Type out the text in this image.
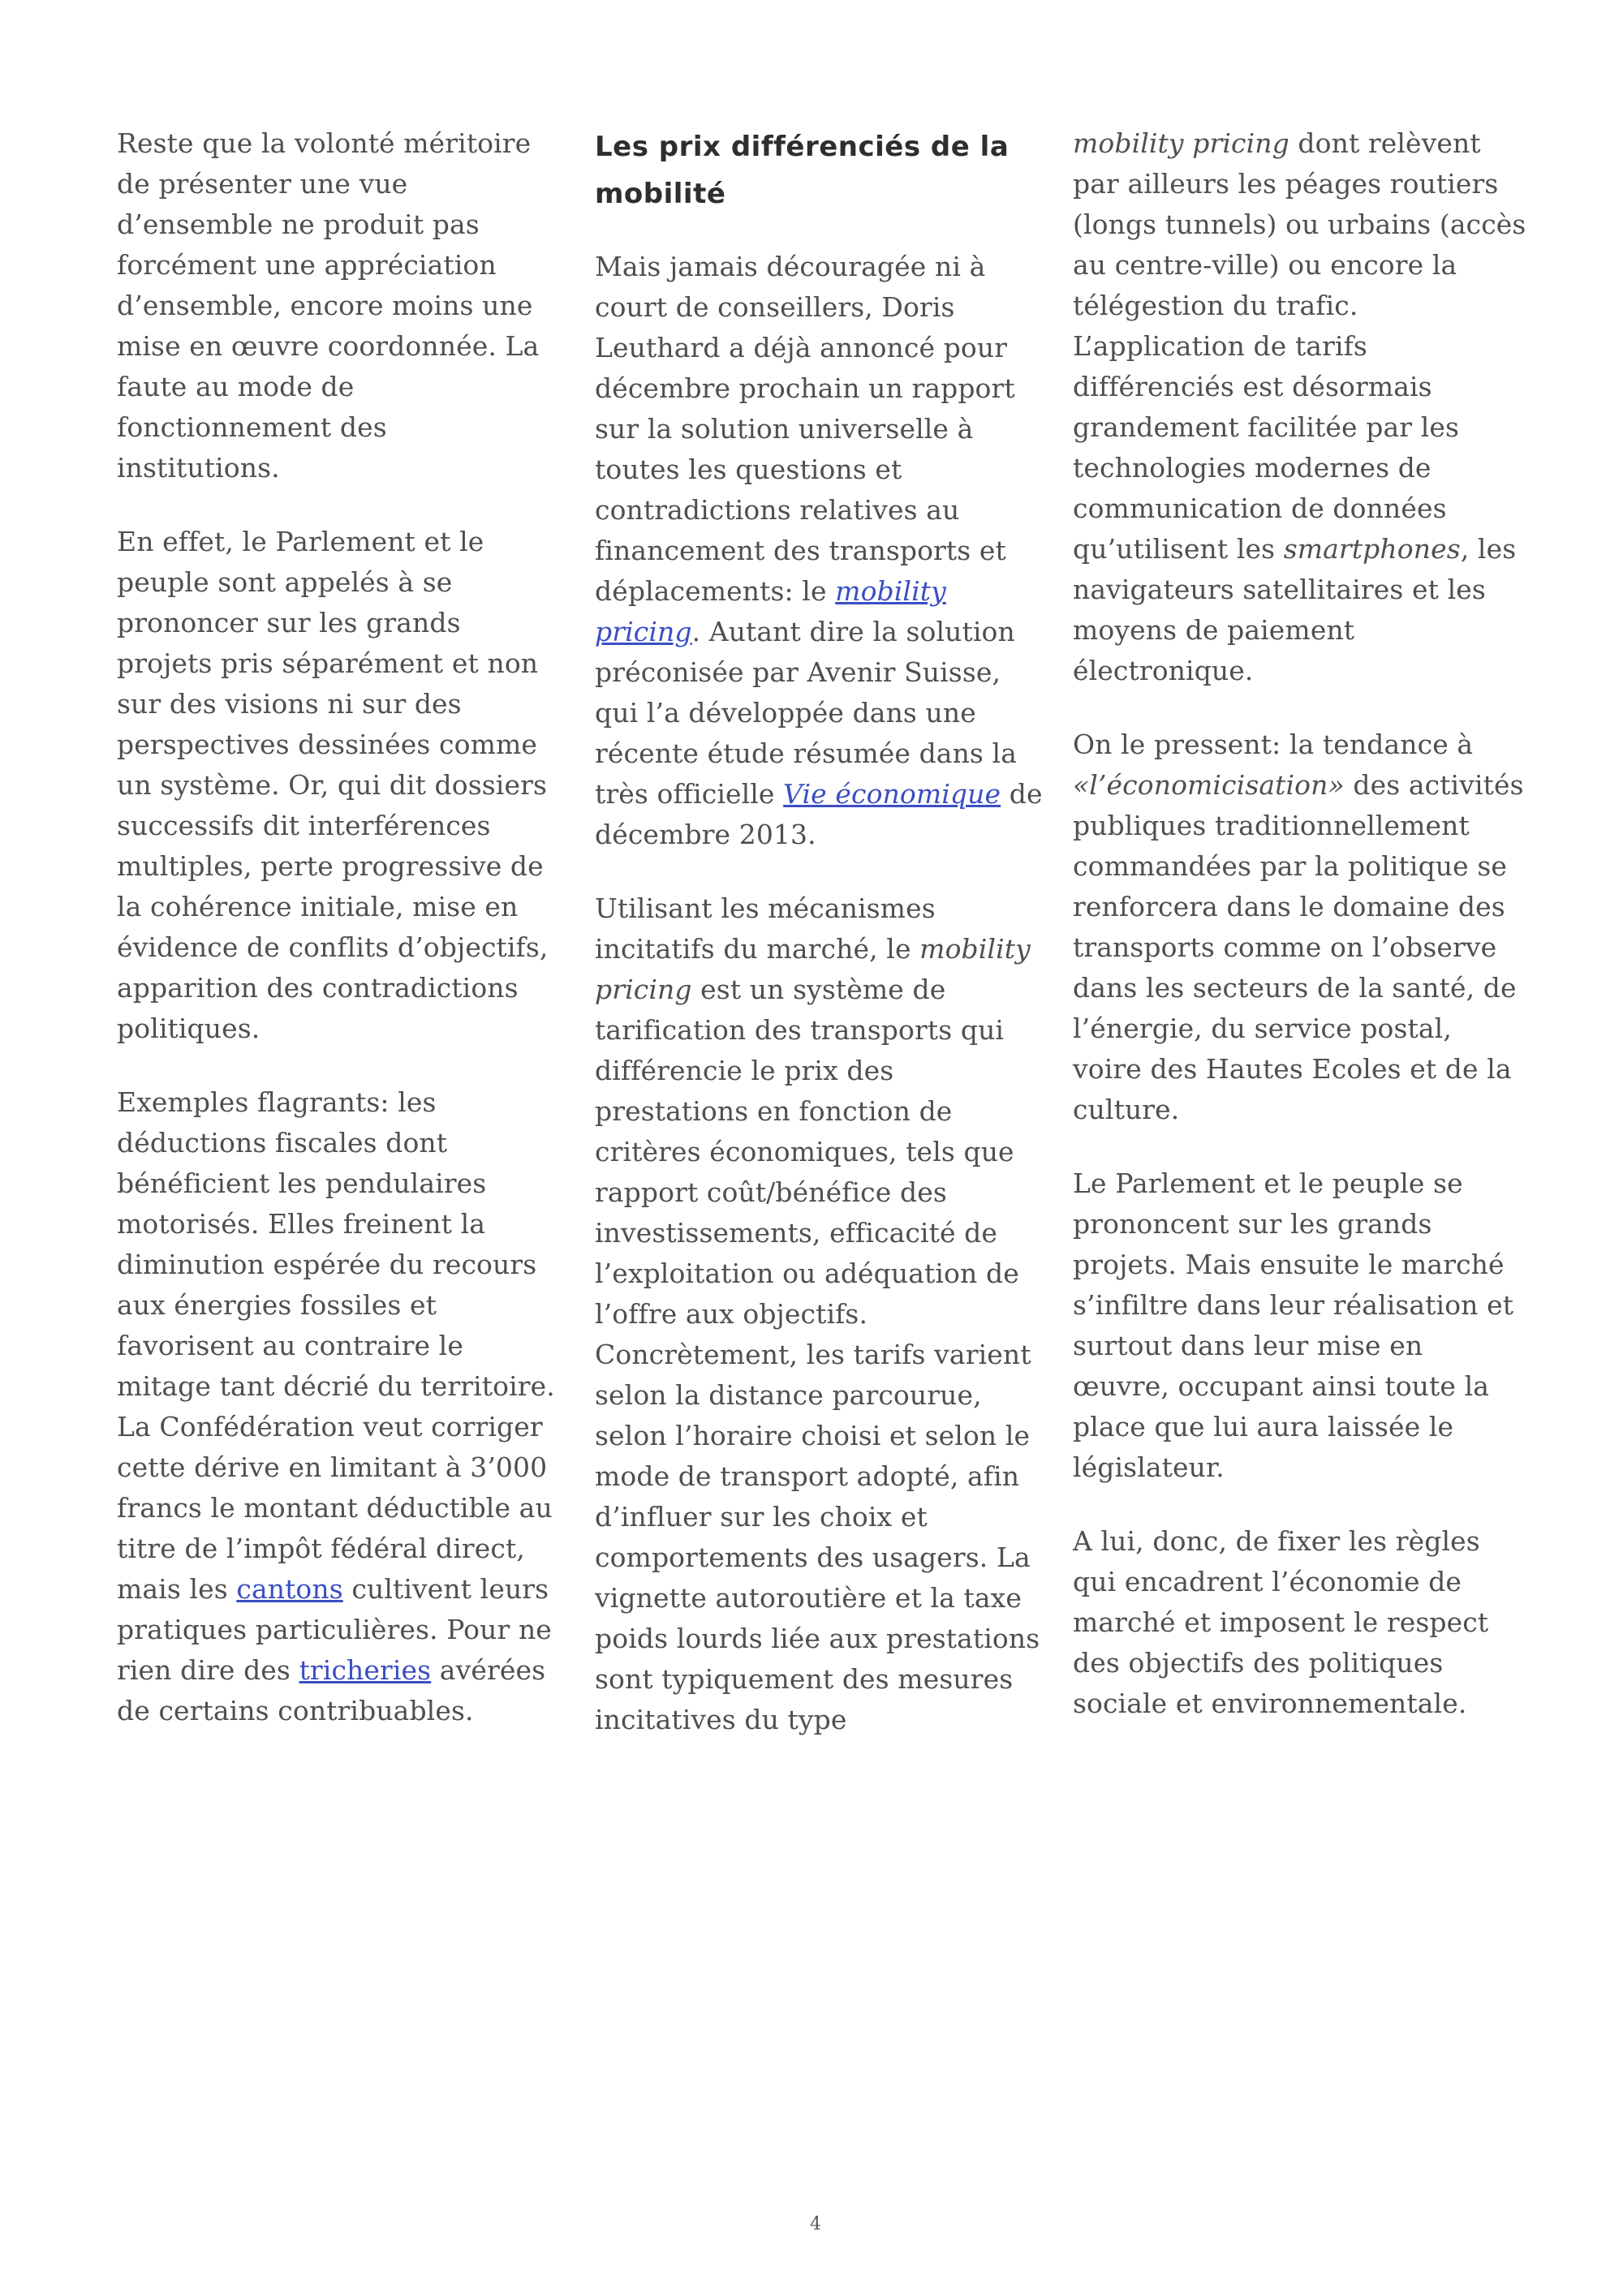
Reste que la volonté méritoire de présenter une vue d’ensemble ne produit pas forcément une appréciation d’ensemble, encore moins une mise en œuvre coordonnée. La faute au mode de fonctionnement des institutions.

En effet, le Parlement et le peuple sont appelés à se prononcer sur les grands projets pris séparément et non sur des visions ni sur des perspectives dessinées comme un système. Or, qui dit dossiers successifs dit interférences multiples, perte progressive de la cohérence initiale, mise en évidence de conflits d’objectifs, apparition des contradictions politiques.

Exemples flagrants: les déductions fiscales dont bénéficient les pendulaires motorisés. Elles freinent la diminution espérée du recours aux énergies fossiles et favorisent au contraire le mitage tant décrié du territoire. La Confédération veut corriger cette dérive en limitant à 3’000 francs le montant déductible au titre de l’impôt fédéral direct, mais les cantons cultivent leurs pratiques particulières. Pour ne rien dire des tricheries avérées de certains contribuables.

Les prix différenciés de la mobilité

Mais jamais découragée ni à court de conseillers, Doris Leuthard a déjà annoncé pour décembre prochain un rapport sur la solution universelle à toutes les questions et contradictions relatives au financement des transports et déplacements: le mobility pricing. Autant dire la solution préconisée par Avenir Suisse, qui l’a développée dans une récente étude résumée dans la très officielle Vie économique de décembre 2013.

Utilisant les mécanismes incitatifs du marché, le mobility pricing est un système de tarification des transports qui différencie le prix des prestations en fonction de critères économiques, tels que rapport coût/bénéfice des investissements, efficacité de l’exploitation ou adéquation de l’offre aux objectifs. Concrètement, les tarifs varient selon la distance parcourue, selon l’horaire choisi et selon le mode de transport adopté, afin d’influer sur les choix et comportements des usagers. La vignette autoroutière et la taxe poids lourds liée aux prestations sont typiquement des mesures incitatives du type

mobility pricing dont relèvent par ailleurs les péages routiers (longs tunnels) ou urbains (accès au centre-ville) ou encore la télégestion du trafic. L’application de tarifs différenciés est désormais grandement facilitée par les technologies modernes de communication de données qu’utilisent les smartphones, les navigateurs satellitaires et les moyens de paiement électronique.

On le pressent: la tendance à «l’économicisation» des activités publiques traditionnellement commandées par la politique se renforcera dans le domaine des transports comme on l’observe dans les secteurs de la santé, de l’énergie, du service postal, voire des Hautes Ecoles et de la culture.

Le Parlement et le peuple se prononcent sur les grands projets. Mais ensuite le marché s’infiltre dans leur réalisation et surtout dans leur mise en œuvre, occupant ainsi toute la place que lui aura laissée le législateur.

A lui, donc, de fixer les règles qui encadrent l’économie de marché et imposent le respect des objectifs des politiques sociale et environnementale.

4
